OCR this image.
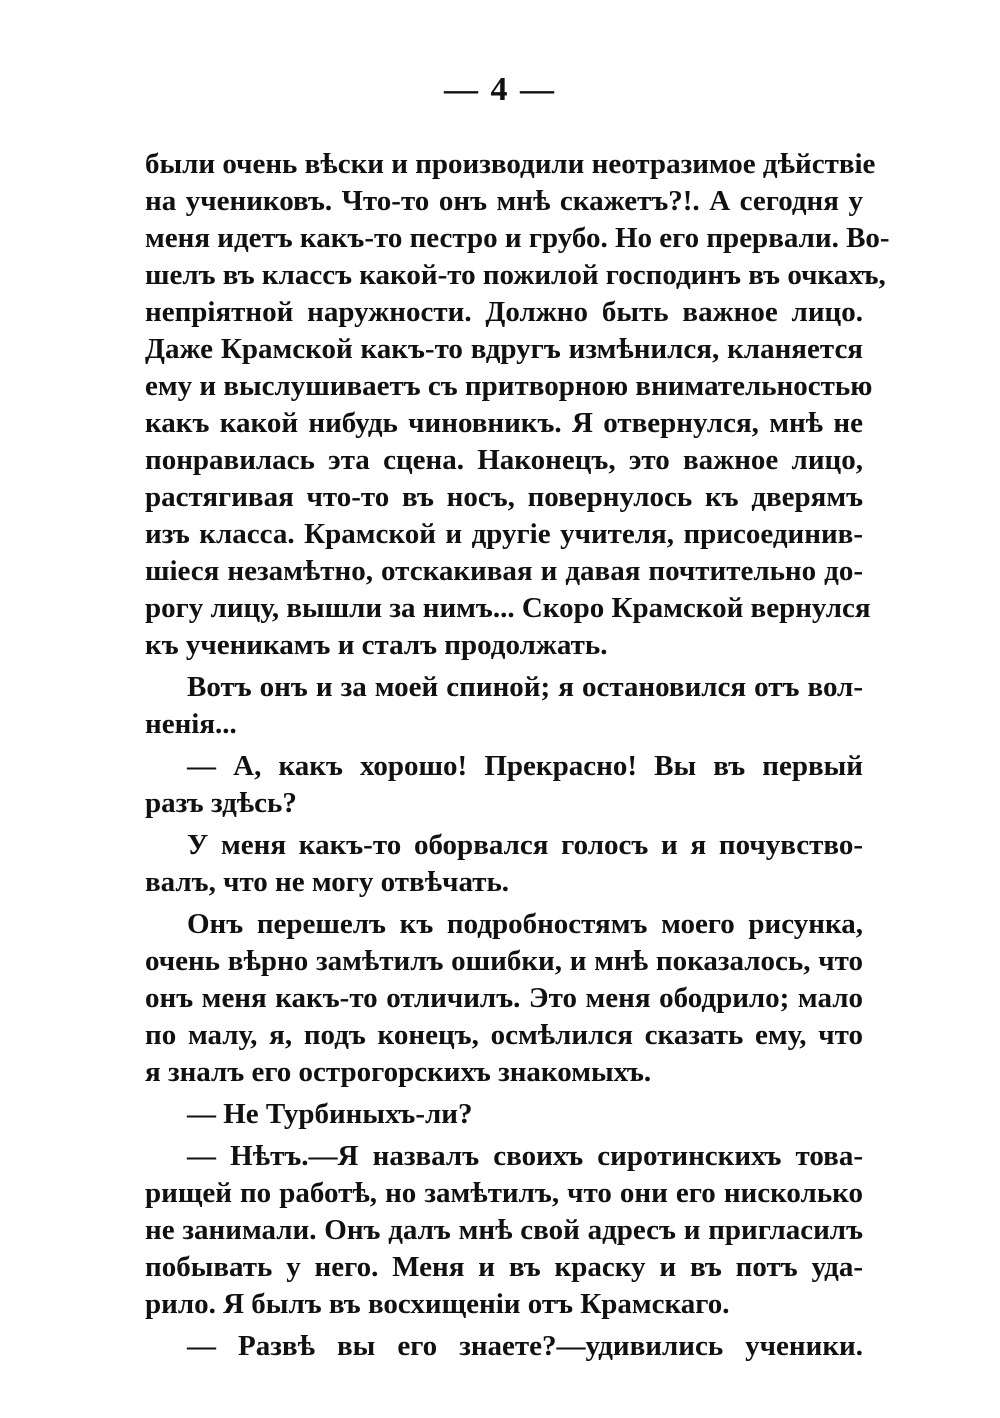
— 4 —
были очень вѣски и производили неотразимое дѣйствіе
на учениковъ. Что-то онъ мнѣ скажетъ?!. А сегодня у
меня идетъ какъ-то пестро и грубо. Но его прервали. Во-
шелъ въ классъ какой-то пожилой господинъ въ очкахъ,
непріятной наружности. Должно быть важное лицо.
Даже Крамской какъ-то вдругъ измѣнился, кланяется
ему и выслушиваетъ съ притворною внимательностью
какъ какой нибудь чиновникъ. Я отвернулся, мнѣ не
понравилась эта сцена. Наконецъ, это важное лицо,
растягивая что-то въ носъ, повернулось къ дверямъ
изъ класса. Крамской и другіе учителя, присоединив-
шіеся незамѣтно, отскакивая и давая почтительно до-
рогу лицу, вышли за нимъ... Скоро Крамской вернулся
къ ученикамъ и сталъ продолжать.
Вотъ онъ и за моей спиной; я остановился отъ вол-
ненія...
— А, какъ хорошо! Прекрасно! Вы въ первый
разъ здѣсь?
У меня какъ-то оборвался голосъ и я почувство-
валъ, что не могу отвѣчать.
Онъ перешелъ къ подробностямъ моего рисунка,
очень вѣрно замѣтилъ ошибки, и мнѣ показалось, что
онъ меня какъ-то отличилъ. Это меня ободрило; мало
по малу, я, подъ конецъ, осмѣлился сказать ему, что
я зналъ его острогорскихъ знакомыхъ.
— Не Турбиныхъ-ли?
— Нѣтъ.—Я назвалъ своихъ сиротинскихъ това-
рищей по работѣ, но замѣтилъ, что они его нисколько
не занимали. Онъ далъ мнѣ свой адресъ и пригласилъ
побывать у него. Меня и въ краску и въ потъ уда-
рило. Я былъ въ восхищеніи отъ Крамскаго.
— Развѣ вы его знаете?—удивились ученики.
